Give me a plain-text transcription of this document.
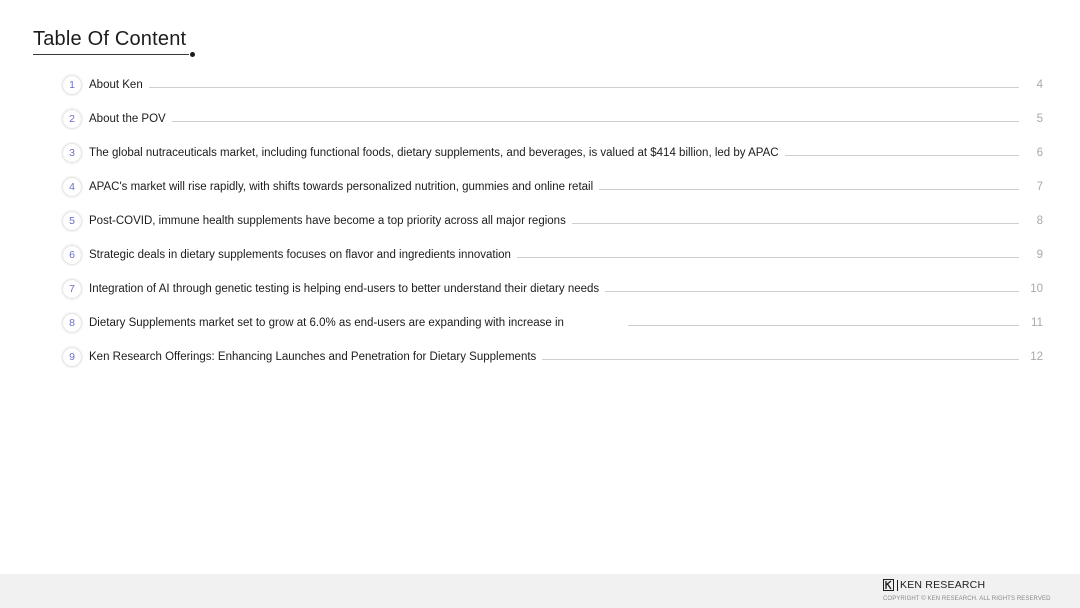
Table Of Content
1	About Ken	4
2	About the POV	5
3	The global nutraceuticals market, including functional foods, dietary supplements, and beverages, is valued at $414 billion, led by APAC	6
4	APAC's market will rise rapidly, with shifts towards personalized nutrition, gummies and online retail	7
5	Post-COVID, immune health supplements have become a top priority across all major regions	8
6	Strategic deals in dietary supplements focuses on flavor and ingredients innovation	9
7	Integration of AI through genetic testing is helping end-users to better understand their dietary needs	10
8	Dietary Supplements market set to grow at 6.0% as end-users are expanding with increase in	11
9	Ken Research Offerings: Enhancing Launches and Penetration for Dietary Supplements	12
KEN RESEARCH
COPYRIGHT © KEN RESEARCH. ALL RIGHTS RESERVED
